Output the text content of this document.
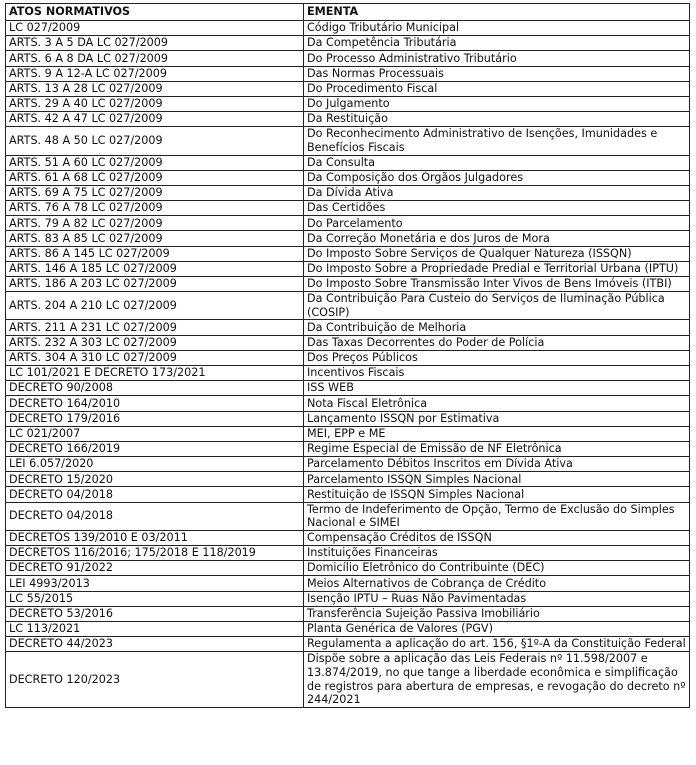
ATOS NORMATIVOS	EMENTA
LC 027/2009	Código Tributário Municipal
ARTS. 3 A 5 DA LC 027/2009	Da Competência Tributária
ARTS. 6 A 8 DA LC 027/2009	Do Processo Administrativo Tributário
ARTS. 9 A 12-A LC 027/2009	Das Normas Processuais
ARTS. 13 A 28 LC 027/2009	Do Procedimento Fiscal
ARTS. 29 A 40 LC 027/2009	Do Julgamento
ARTS. 42 A 47 LC 027/2009	Da Restituição
ARTS. 48 A 50 LC 027/2009	Do Reconhecimento Administrativo de Isenções, Imunidades e Benefícios Fiscais
ARTS. 51 A 60 LC 027/2009	Da Consulta
ARTS. 61 A 68 LC 027/2009	Da Composição dos Órgãos Julgadores
ARTS. 69 A 75 LC 027/2009	Da Dívida Ativa
ARTS. 76 A 78 LC 027/2009	Das Certidões
ARTS. 79 A 82 LC 027/2009	Do Parcelamento
ARTS. 83 A 85 LC 027/2009	Da Correção Monetária e dos Juros de Mora
ARTS. 86 A 145 LC 027/2009	Do Imposto Sobre Serviços de Qualquer Natureza (ISSQN)
ARTS. 146 A 185 LC 027/2009	Do Imposto Sobre a Propriedade Predial e Territorial Urbana (IPTU)
ARTS. 186 A 203 LC 027/2009	Do Imposto Sobre Transmissão Inter Vivos de Bens Imóveis (ITBI)
ARTS. 204 A 210 LC 027/2009	Da Contribuição Para Custeio do Serviços de Iluminação Pública (COSIP)
ARTS. 211 A 231 LC 027/2009	Da Contribuição de Melhoria
ARTS. 232 A 303 LC 027/2009	Das Taxas Decorrentes do Poder de Polícia
ARTS. 304 A 310 LC 027/2009	Dos Preços Públicos
LC 101/2021 E DECRETO 173/2021	Incentivos Fiscais
DECRETO 90/2008	ISS WEB
DECRETO 164/2010	Nota Fiscal Eletrônica
DECRETO 179/2016	Lançamento ISSQN por Estimativa
LC 021/2007	MEI, EPP e ME
DECRETO 166/2019	Regime Especial de Emissão de NF Eletrônica
LEI 6.057/2020	Parcelamento Débitos Inscritos em Dívida Ativa
DECRETO 15/2020	Parcelamento ISSQN Simples Nacional
DECRETO 04/2018	Restituição de ISSQN Simples Nacional
DECRETO 04/2018	Termo de Indeferimento de Opção, Termo de Exclusão do Simples Nacional e SIMEI
DECRETOS 139/2010 E 03/2011	Compensação Créditos de ISSQN
DECRETOS 116/2016; 175/2018 E 118/2019	Instituições Financeiras
DECRETO 91/2022	Domicílio Eletrônico do Contribuinte (DEC)
LEI 4993/2013	Meios Alternativos de Cobrança de Crédito
LC 55/2015	Isenção IPTU – Ruas Não Pavimentadas
DECRETO 53/2016	Transferência Sujeição Passiva Imobiliário
LC 113/2021	Planta Genérica de Valores (PGV)
DECRETO 44/2023	Regulamenta a aplicação do art. 156, §1º-A da Constituição Federal
DECRETO 120/2023	Dispõe sobre a aplicação das Leis Federais nº 11.598/2007 e 13.874/2019, no que tange a liberdade econômica e simplificação de registros para abertura de empresas, e revogação do decreto nº 244/2021
